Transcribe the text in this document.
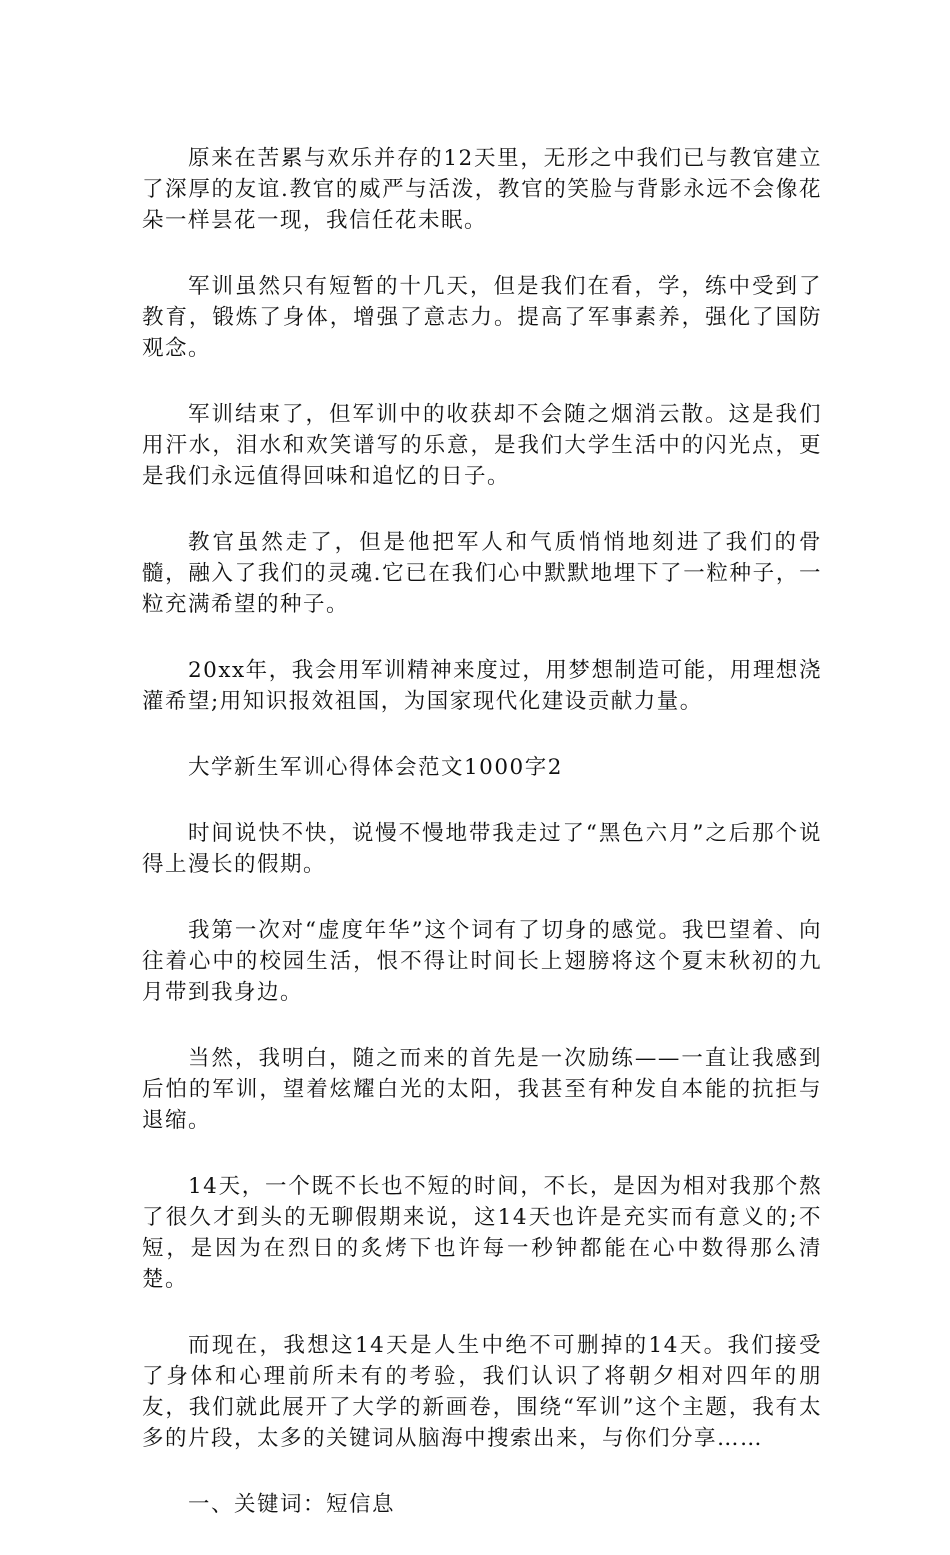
原来在苦累与欢乐并存的12天里，无形之中我们已与教官建立了深厚的友谊.教官的威严与活泼，教官的笑脸与背影永远不会像花朵一样昙花一现，我信任花未眠。

军训虽然只有短暂的十几天，但是我们在看，学，练中受到了教育，锻炼了身体，增强了意志力。提高了军事素养，强化了国防观念。

军训结束了，但军训中的收获却不会随之烟消云散。这是我们用汗水，泪水和欢笑谱写的乐意，是我们大学生活中的闪光点，更是我们永远值得回味和追忆的日子。

教官虽然走了，但是他把军人和气质悄悄地刻进了我们的骨髓，融入了我们的灵魂.它已在我们心中默默地埋下了一粒种子，一粒充满希望的种子。

20xx年，我会用军训精神来度过，用梦想制造可能，用理想浇灌希望;用知识报效祖国，为国家现代化建设贡献力量。

大学新生军训心得体会范文1000字2

时间说快不快，说慢不慢地带我走过了“黑色六月”之后那个说得上漫长的假期。

我第一次对“虚度年华”这个词有了切身的感觉。我巴望着、向往着心中的校园生活，恨不得让时间长上翅膀将这个夏末秋初的九月带到我身边。

当然，我明白，随之而来的首先是一次励练——一直让我感到后怕的军训，望着炫耀白光的太阳，我甚至有种发自本能的抗拒与退缩。

14天，一个既不长也不短的时间，不长，是因为相对我那个熬了很久才到头的无聊假期来说，这14天也许是充实而有意义的;不短，是因为在烈日的炙烤下也许每一秒钟都能在心中数得那么清楚。

而现在，我想这14天是人生中绝不可删掉的14天。我们接受了身体和心理前所未有的考验，我们认识了将朝夕相对四年的朋友，我们就此展开了大学的新画卷，围绕“军训”这个主题，我有太多的片段，太多的关键词从脑海中搜索出来，与你们分享……

一、关键词：短信息
